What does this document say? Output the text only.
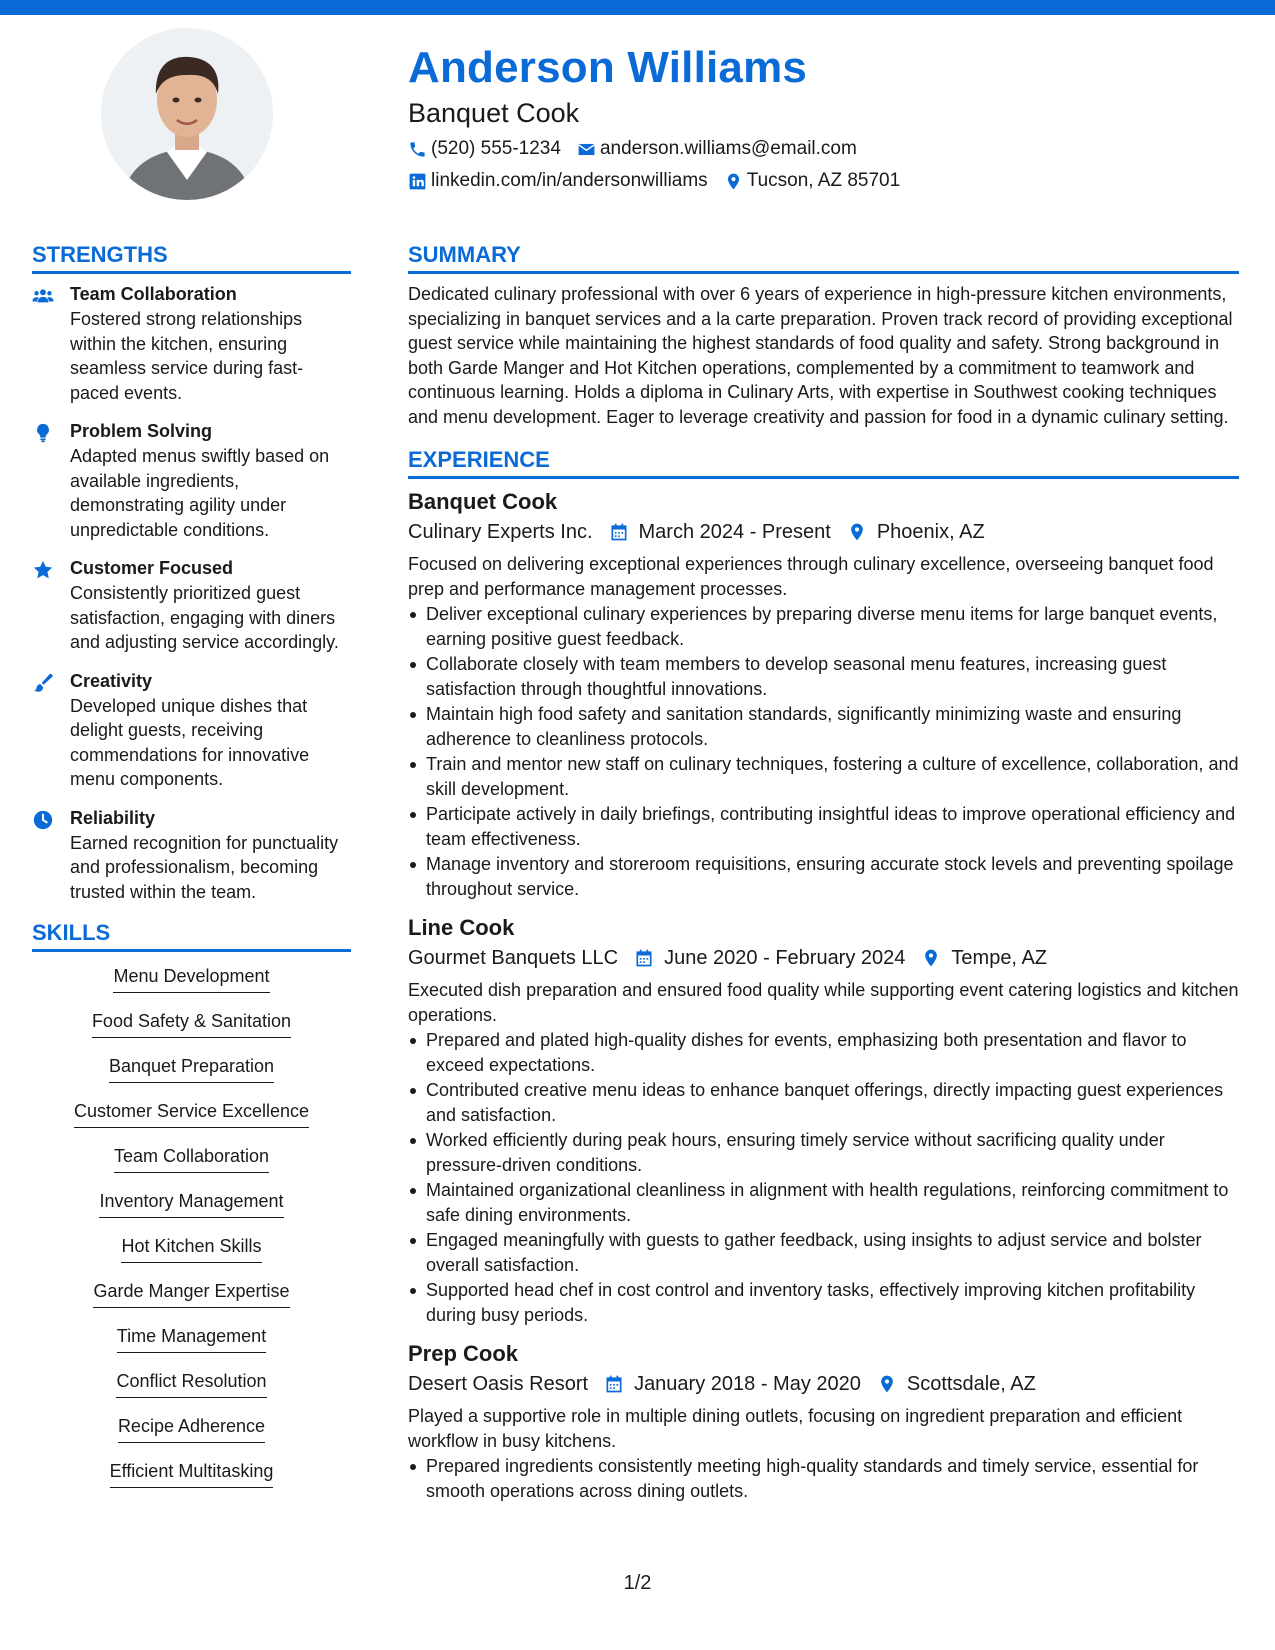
Anderson Williams
Banquet Cook
(520) 555-1234 anderson.williams@email.com
linkedin.com/in/andersonwilliams Tucson, AZ 85701
STRENGTHS
Team Collaboration
Fostered strong relationships within the kitchen, ensuring seamless service during fast-paced events.
Problem Solving
Adapted menus swiftly based on available ingredients, demonstrating agility under unpredictable conditions.
Customer Focused
Consistently prioritized guest satisfaction, engaging with diners and adjusting service accordingly.
Creativity
Developed unique dishes that delight guests, receiving commendations for innovative menu components.
Reliability
Earned recognition for punctuality and professionalism, becoming trusted within the team.
SKILLS
Menu Development
Food Safety & Sanitation
Banquet Preparation
Customer Service Excellence
Team Collaboration
Inventory Management
Hot Kitchen Skills
Garde Manger Expertise
Time Management
Conflict Resolution
Recipe Adherence
Efficient Multitasking
SUMMARY
Dedicated culinary professional with over 6 years of experience in high-pressure kitchen environments, specializing in banquet services and a la carte preparation. Proven track record of providing exceptional guest service while maintaining the highest standards of food quality and safety. Strong background in both Garde Manger and Hot Kitchen operations, complemented by a commitment to teamwork and continuous learning. Holds a diploma in Culinary Arts, with expertise in Southwest cooking techniques and menu development. Eager to leverage creativity and passion for food in a dynamic culinary setting.
EXPERIENCE
Banquet Cook
Culinary Experts Inc. March 2024 - Present Phoenix, AZ
Focused on delivering exceptional experiences through culinary excellence, overseeing banquet food prep and performance management processes.
Deliver exceptional culinary experiences by preparing diverse menu items for large banquet events, earning positive guest feedback.
Collaborate closely with team members to develop seasonal menu features, increasing guest satisfaction through thoughtful innovations.
Maintain high food safety and sanitation standards, significantly minimizing waste and ensuring adherence to cleanliness protocols.
Train and mentor new staff on culinary techniques, fostering a culture of excellence, collaboration, and skill development.
Participate actively in daily briefings, contributing insightful ideas to improve operational efficiency and team effectiveness.
Manage inventory and storeroom requisitions, ensuring accurate stock levels and preventing spoilage throughout service.
Line Cook
Gourmet Banquets LLC June 2020 - February 2024 Tempe, AZ
Executed dish preparation and ensured food quality while supporting event catering logistics and kitchen operations.
Prepared and plated high-quality dishes for events, emphasizing both presentation and flavor to exceed expectations.
Contributed creative menu ideas to enhance banquet offerings, directly impacting guest experiences and satisfaction.
Worked efficiently during peak hours, ensuring timely service without sacrificing quality under pressure-driven conditions.
Maintained organizational cleanliness in alignment with health regulations, reinforcing commitment to safe dining environments.
Engaged meaningfully with guests to gather feedback, using insights to adjust service and bolster overall satisfaction.
Supported head chef in cost control and inventory tasks, effectively improving kitchen profitability during busy periods.
Prep Cook
Desert Oasis Resort January 2018 - May 2020 Scottsdale, AZ
Played a supportive role in multiple dining outlets, focusing on ingredient preparation and efficient workflow in busy kitchens.
Prepared ingredients consistently meeting high-quality standards and timely service, essential for smooth operations across dining outlets.
1/2
